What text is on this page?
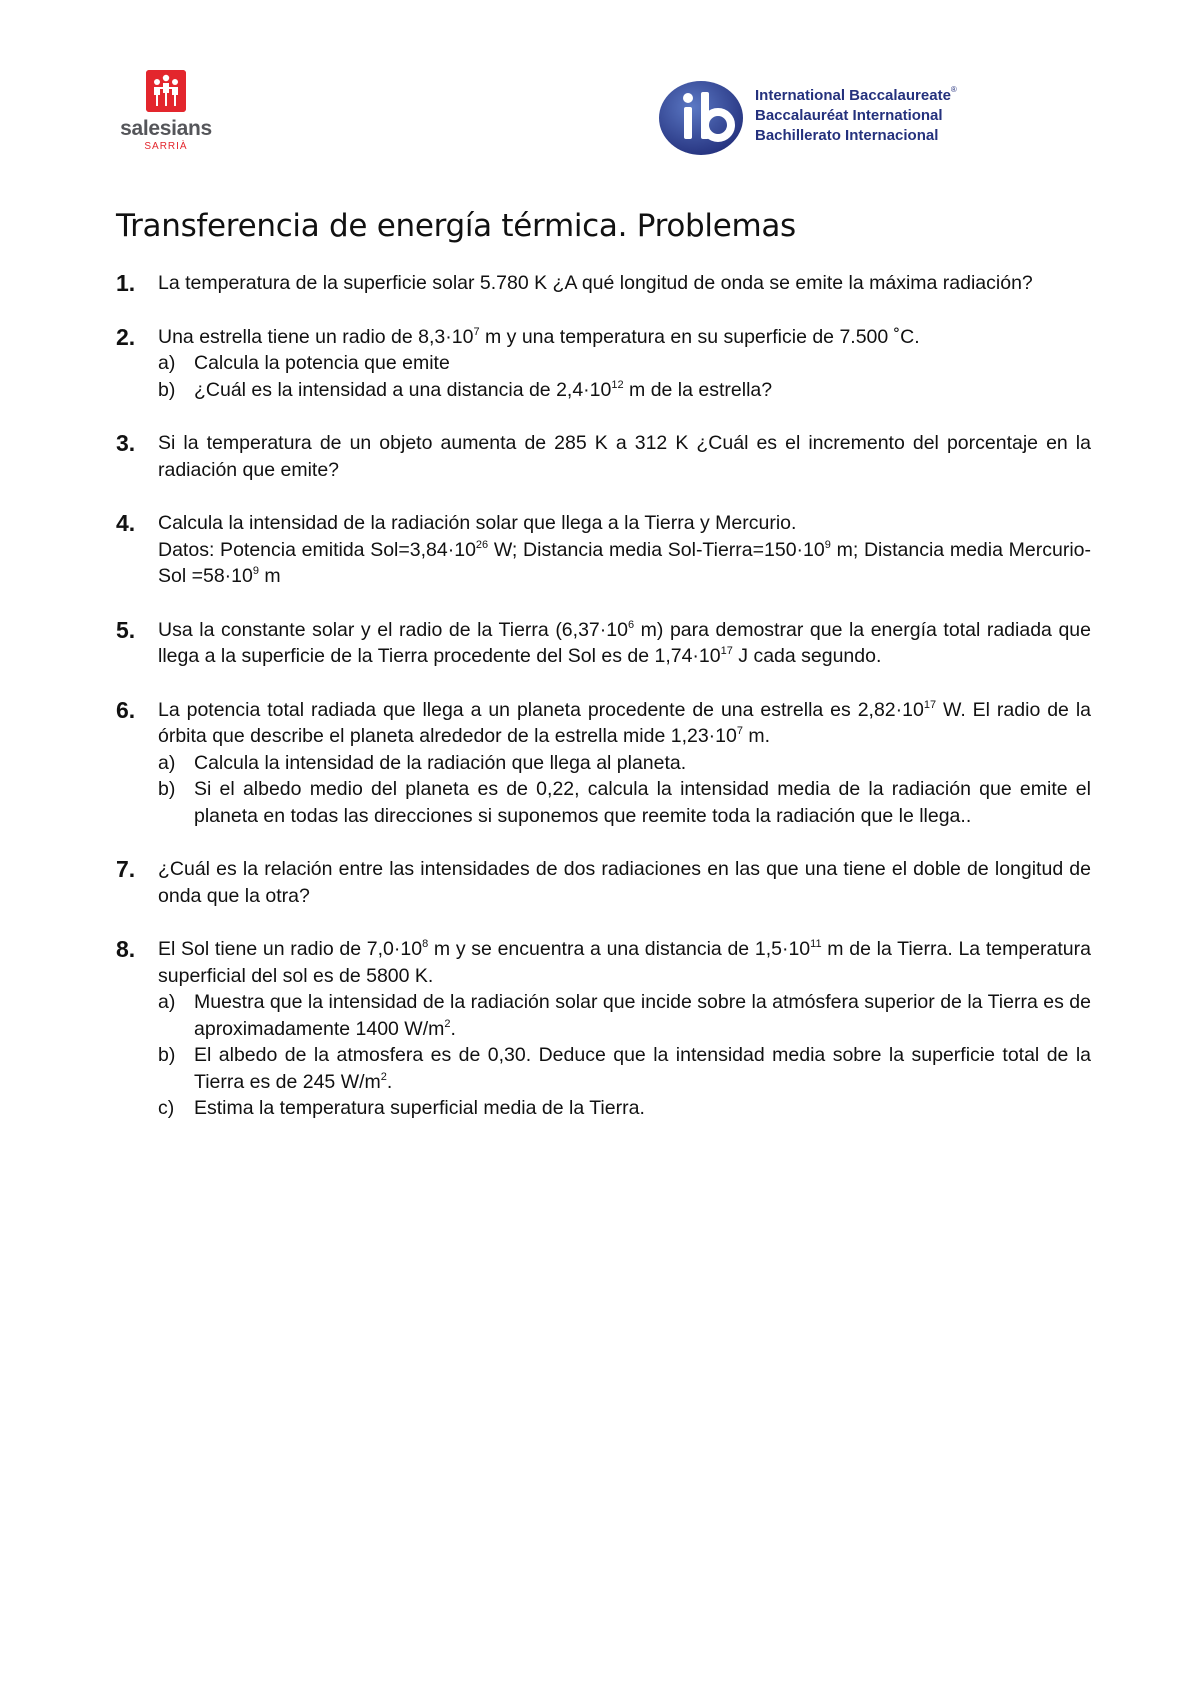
salesians
SARRIÀ
International Baccalaureate®
Baccalauréat International
Bachillerato Internacional
Transferencia de energía térmica. Problemas
1. La temperatura de la superficie solar 5.780 K ¿A qué longitud de onda se emite la máxima radiación?
2. Una estrella tiene un radio de $8,3\cdot 10^7$ m y una temperatura en su superficie de 7.500 ˚C.
a) Calcula la potencia que emite
b) ¿Cuál es la intensidad a una distancia de $2,4\cdot 10^{12}$ m de la estrella?
3. Si la temperatura de un objeto aumenta de 285 K a 312 K ¿Cuál es el incremento del porcentaje en la radiación que emite?
4. Calcula la intensidad de la radiación solar que llega a la Tierra y Mercurio.
Datos: Potencia emitida $Sol=3,84\cdot 10^{26}$ W; Distancia media Sol-$Tierra=150\cdot 10^9$ m; Distancia media Mercurio-Sol $=58\cdot 10^9$ m
5. Usa la constante solar y el radio de la Tierra ($6,37\cdot 10^6$ m) para demostrar que la energía total radiada que llega a la superficie de la Tierra procedente del Sol es de $1,74\cdot 10^{17}$ J cada segundo.
6. La potencia total radiada que llega a un planeta procedente de una estrella es $2,82\cdot 10^{17}$ W. El radio de la órbita que describe el planeta alrededor de la estrella mide $1,23\cdot 10^7$ m.
a) Calcula la intensidad de la radiación que llega al planeta.
b) Si el albedo medio del planeta es de 0,22, calcula la intensidad media de la radiación que emite el planeta en todas las direcciones si suponemos que reemite toda la radiación que le llega..
7. ¿Cuál es la relación entre las intensidades de dos radiaciones en las que una tiene el doble de longitud de onda que la otra?
8. El Sol tiene un radio de $7,0\cdot 10^8$ m y se encuentra a una distancia de $1,5\cdot 10^{11}$ m de la Tierra. La temperatura superficial del sol es de 5800 K.
a) Muestra que la intensidad de la radiación solar que incide sobre la atmósfera superior de la Tierra es de aproximadamente 1400 $W/m^2$.
b) El albedo de la atmosfera es de 0,30. Deduce que la intensidad media sobre la superficie total de la Tierra es de 245 $W/m^2$.
c) Estima la temperatura superficial media de la Tierra.
